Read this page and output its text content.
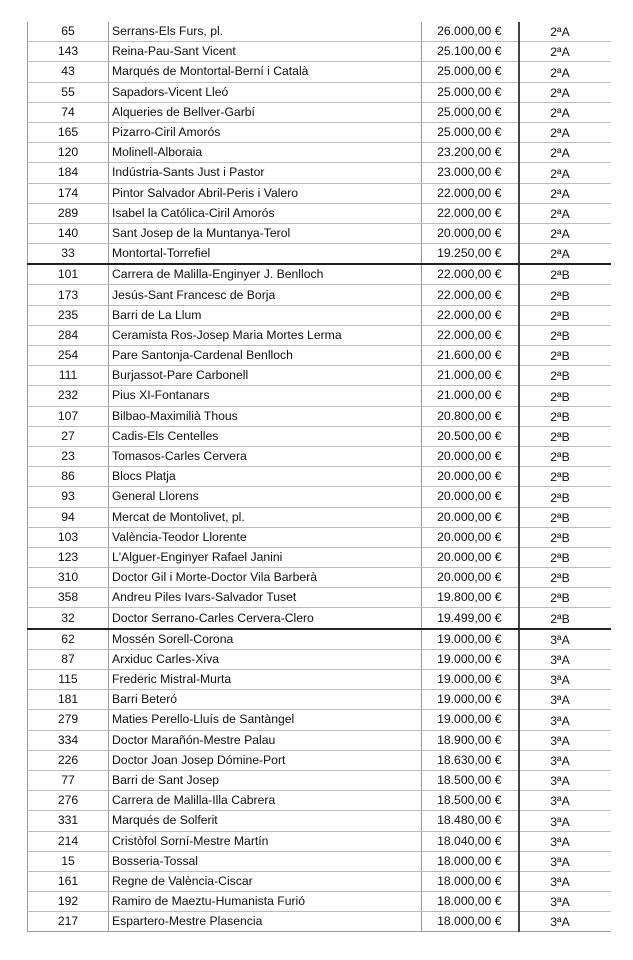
65	Serrans-Els Furs, pl.	26.000,00 €	2ªA
143	Reina-Pau-Sant Vicent	25.100,00 €	2ªA
43	Marqués de Montortal-Berní i Català	25.000,00 €	2ªA
55	Sapadors-Vicent Lleó	25.000,00 €	2ªA
74	Alqueries de Bellver-Garbí	25.000,00 €	2ªA
165	Pizarro-Ciril Amorós	25.000,00 €	2ªA
120	Molinell-Alboraia	23.200,00 €	2ªA
184	Indústria-Sants Just i Pastor	23.000,00 €	2ªA
174	Pintor Salvador Abril-Peris i Valero	22.000,00 €	2ªA
289	Isabel la Católica-Ciril Amorós	22.000,00 €	2ªA
140	Sant Josep de la Muntanya-Terol	20.000,00 €	2ªA
33	Montortal-Torrefiel	19.250,00 €	2ªA
101	Carrera de Malilla-Enginyer J. Benlloch	22.000,00 €	2ªB
173	Jesús-Sant Francesc de Borja	22.000,00 €	2ªB
235	Barri de La Llum	22.000,00 €	2ªB
284	Ceramista Ros-Josep Maria Mortes Lerma	22.000,00 €	2ªB
254	Pare Santonja-Cardenal Benlloch	21.600,00 €	2ªB
111	Burjassot-Pare Carbonell	21.000,00 €	2ªB
232	Pius XI-Fontanars	21.000,00 €	2ªB
107	Bilbao-Maximilià Thous	20.800,00 €	2ªB
27	Cadis-Els Centelles	20.500,00 €	2ªB
23	Tomasos-Carles Cervera	20.000,00 €	2ªB
86	Blocs Platja	20.000,00 €	2ªB
93	General Llorens	20.000,00 €	2ªB
94	Mercat de Montolivet, pl.	20.000,00 €	2ªB
103	València-Teodor Llorente	20.000,00 €	2ªB
123	L'Alguer-Enginyer Rafael Janini	20.000,00 €	2ªB
310	Doctor Gil i Morte-Doctor Vila Barberà	20.000,00 €	2ªB
358	Andreu Piles Ivars-Salvador Tuset	19.800,00 €	2ªB
32	Doctor Serrano-Carles Cervera-Clero	19.499,00 €	2ªB
62	Mossén Sorell-Corona	19.000,00 €	3ªA
87	Arxiduc Carles-Xiva	19.000,00 €	3ªA
115	Frederic Mistral-Murta	19.000,00 €	3ªA
181	Barri Beteró	19.000,00 €	3ªA
279	Maties Perello-Lluís de Santàngel	19.000,00 €	3ªA
334	Doctor Marañón-Mestre Palau	18.900,00 €	3ªA
226	Doctor Joan Josep Dómine-Port	18.630,00 €	3ªA
77	Barri de Sant Josep	18.500,00 €	3ªA
276	Carrera de Malilla-Illa Cabrera	18.500,00 €	3ªA
331	Marqués de Solferit	18.480,00 €	3ªA
214	Cristòfol Sorní-Mestre Martín	18.040,00 €	3ªA
15	Bosseria-Tossal	18.000,00 €	3ªA
161	Regne de València-Ciscar	18.000,00 €	3ªA
192	Ramiro de Maeztu-Humanista Furió	18.000,00 €	3ªA
217	Espartero-Mestre Plasencia	18.000,00 €	3ªA
